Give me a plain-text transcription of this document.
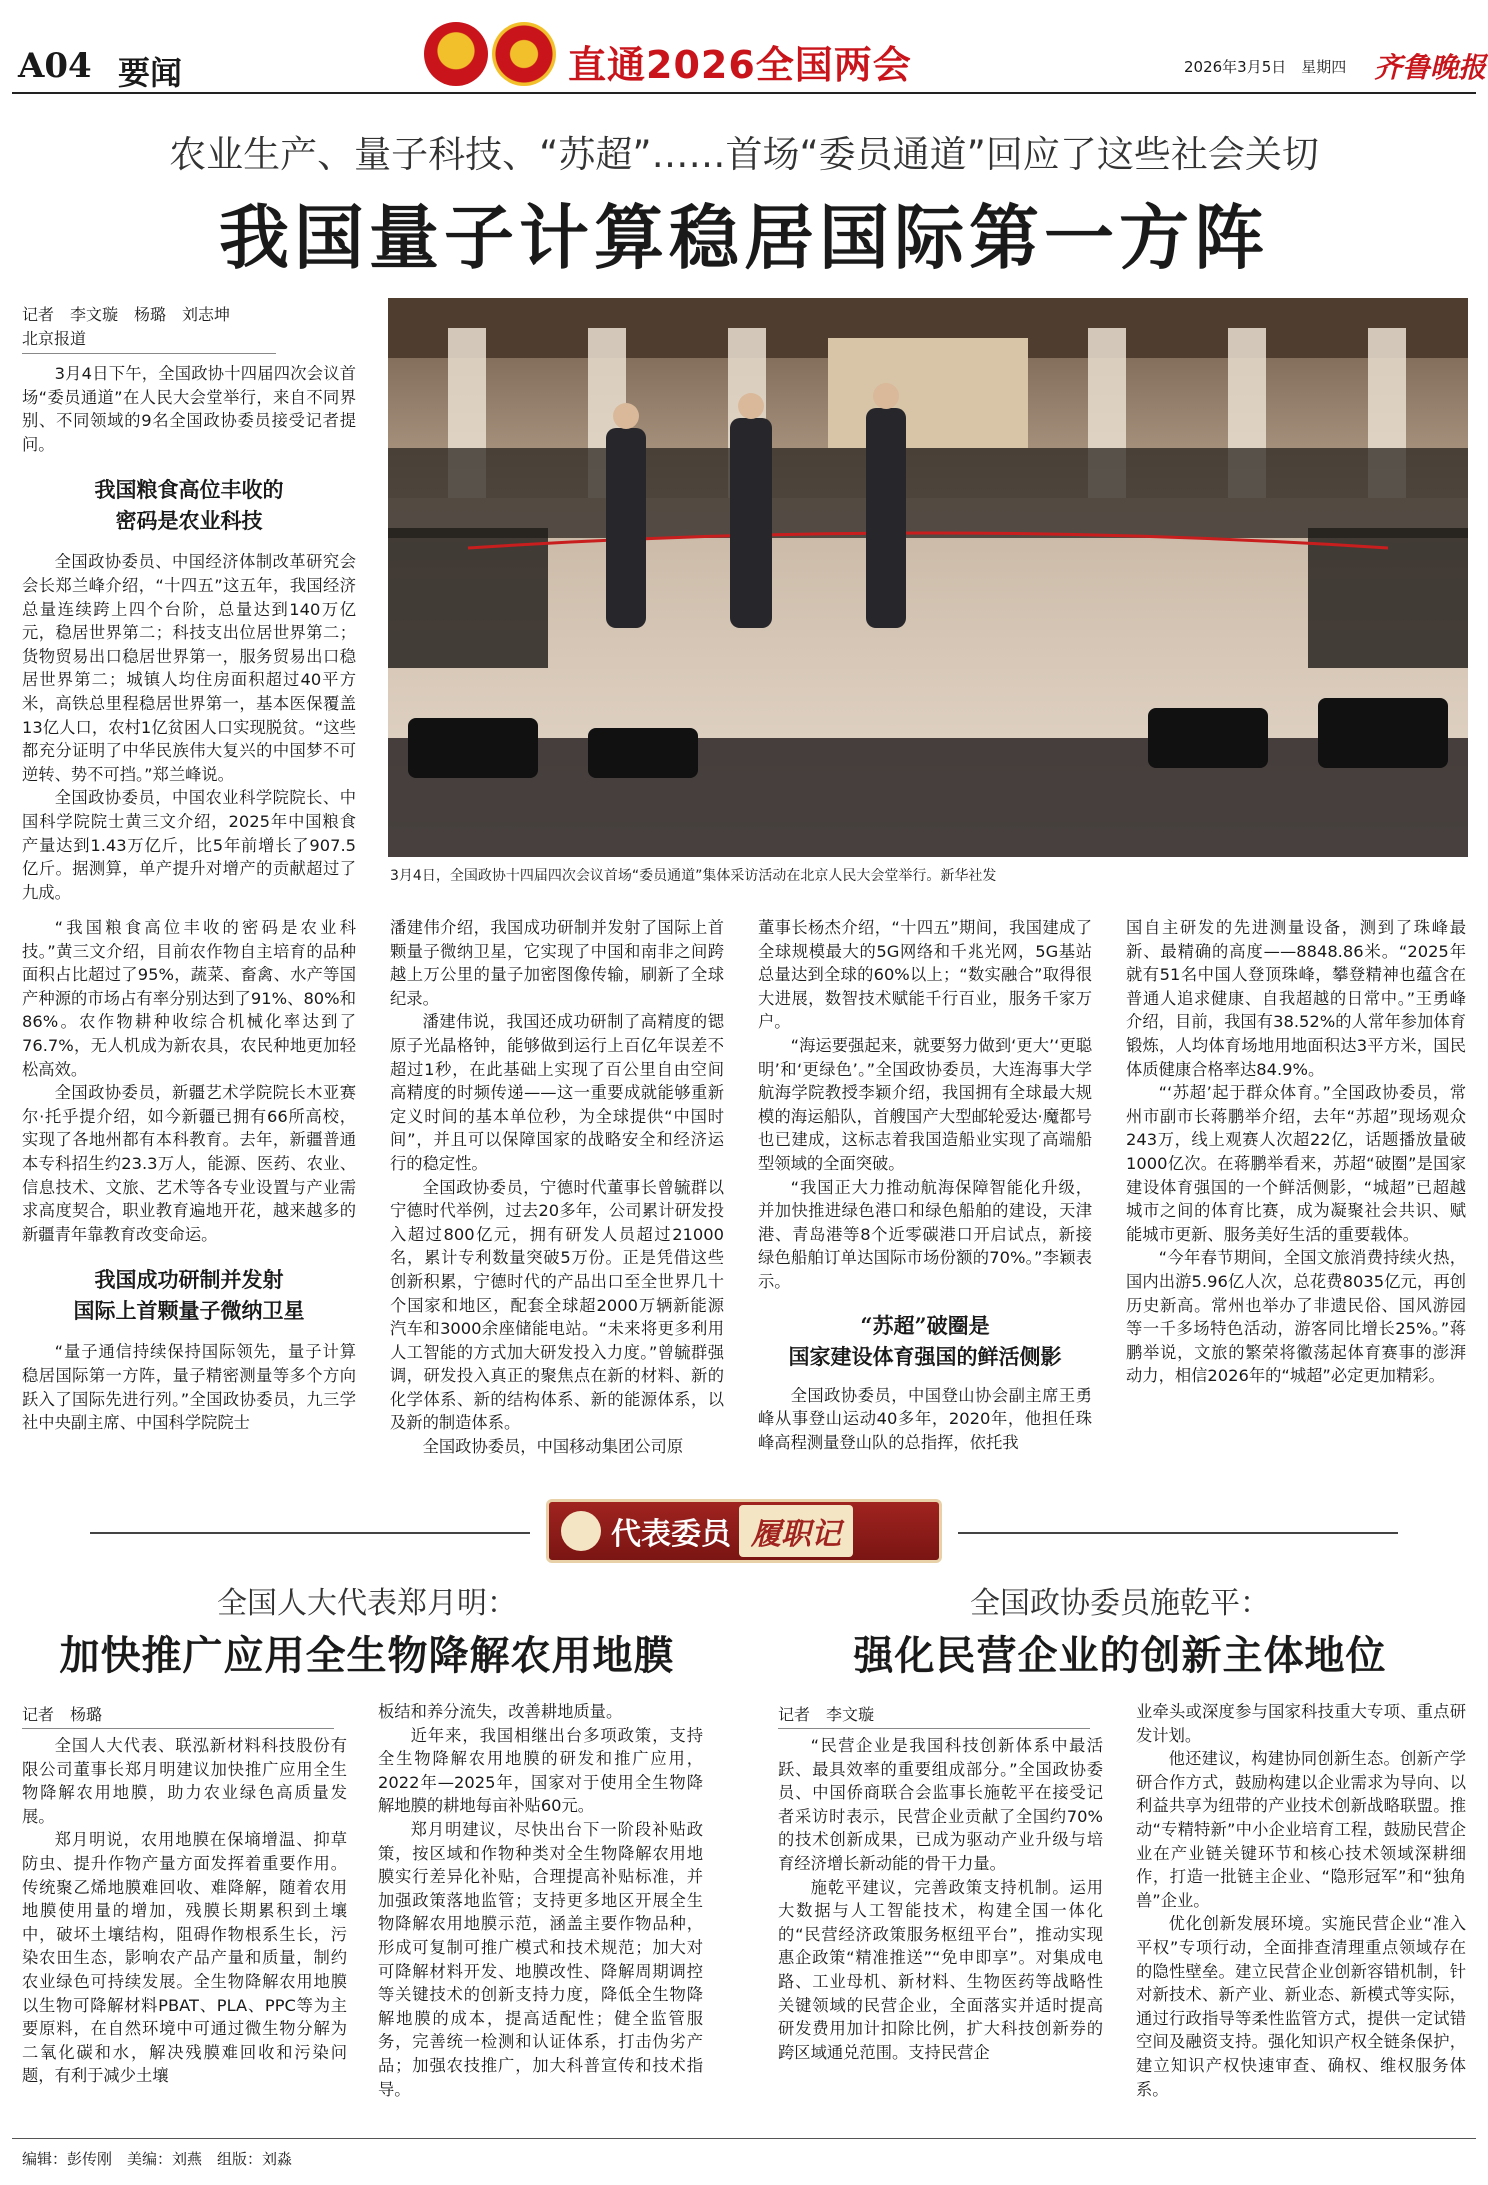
A04 要闻	直通2026全国两会	2026年3月5日　星期四 齐鲁晚报
农业生产、量子科技、“苏超”……首场“委员通道”回应了这些社会关切
我国量子计算稳居国际第一方阵
记者　李文璇　杨璐　刘志坤
北京报道
3月4日，全国政协十四届四次会议首场“委员通道”集体采访活动在北京人民大会堂举行。新华社发

3月4日下午，全国政协十四届四次会议首场“委员通道”在人民大会堂举行，来自不同界别、不同领域的9名全国政协委员接受记者提问。

我国粮食高位丰收的
密码是农业科技

全国政协委员、中国经济体制改革研究会会长郑兰峰介绍，“十四五”这五年，我国经济总量连续跨上四个台阶，总量达到140万亿元，稳居世界第二；科技支出位居世界第二；货物贸易出口稳居世界第一，服务贸易出口稳居世界第二；城镇人均住房面积超过40平方米，高铁总里程稳居世界第一，基本医保覆盖13亿人口，农村1亿贫困人口实现脱贫。“这些都充分证明了中华民族伟大复兴的中国梦不可逆转、势不可挡。”郑兰峰说。

全国政协委员，中国农业科学院院长、中国科学院院士黄三文介绍，2025年中国粮食产量达到1.43万亿斤，比5年前增长了907.5亿斤。据测算，单产提升对增产的贡献超过了九成。

“我国粮食高位丰收的密码是农业科技。”黄三文介绍，目前农作物自主培育的品种面积占比超过了95%，蔬菜、畜禽、水产等国产种源的市场占有率分别达到了91%、80%和86%。农作物耕种收综合机械化率达到了76.7%，无人机成为新农具，农民种地更加轻松高效。

全国政协委员，新疆艺术学院院长木亚赛尔·托乎提介绍，如今新疆已拥有66所高校，实现了各地州都有本科教育。去年，新疆普通本专科招生约23.3万人，能源、医药、农业、信息技术、文旅、艺术等各专业设置与产业需求高度契合，职业教育遍地开花，越来越多的新疆青年靠教育改变命运。

我国成功研制并发射
国际上首颗量子微纳卫星

“量子通信持续保持国际领先，量子计算稳居国际第一方阵，量子精密测量等多个方向跃入了国际先进行列。”全国政协委员，九三学社中央副主席、中国科学院院士

潘建伟介绍，我国成功研制并发射了国际上首颗量子微纳卫星，它实现了中国和南非之间跨越上万公里的量子加密图像传输，刷新了全球纪录。

潘建伟说，我国还成功研制了高精度的锶原子光晶格钟，能够做到运行上百亿年误差不超过1秒，在此基础上实现了百公里自由空间高精度的时频传递——这一重要成就能够重新定义时间的基本单位秒，为全球提供“中国时间”，并且可以保障国家的战略安全和经济运行的稳定性。

全国政协委员，宁德时代董事长曾毓群以宁德时代举例，过去20多年，公司累计研发投入超过800亿元，拥有研发人员超过21000名，累计专利数量突破5万份。正是凭借这些创新积累，宁德时代的产品出口至全世界几十个国家和地区，配套全球超2000万辆新能源汽车和3000余座储能电站。“未来将更多利用人工智能的方式加大研发投入力度。”曾毓群强调，研发投入真正的聚焦点在新的材料、新的化学体系、新的结构体系、新的能源体系，以及新的制造体系。

全国政协委员，中国移动集团公司原

董事长杨杰介绍，“十四五”期间，我国建成了全球规模最大的5G网络和千兆光网，5G基站总量达到全球的60%以上；“数实融合”取得很大进展，数智技术赋能千行百业，服务千家万户。

“海运要强起来，就要努力做到‘更大’‘更聪明’和‘更绿色’。”全国政协委员，大连海事大学航海学院教授李颖介绍，我国拥有全球最大规模的海运船队，首艘国产大型邮轮爱达·魔都号也已建成，这标志着我国造船业实现了高端船型领域的全面突破。

“我国正大力推动航海保障智能化升级，并加快推进绿色港口和绿色船舶的建设，天津港、青岛港等8个近零碳港口开启试点，新接绿色船舶订单达国际市场份额的70%。”李颖表示。

“苏超”破圈是
国家建设体育强国的鲜活侧影

全国政协委员，中国登山协会副主席王勇峰从事登山运动40多年，2020年，他担任珠峰高程测量登山队的总指挥，依托我

国自主研发的先进测量设备，测到了珠峰最新、最精确的高度——8848.86米。“2025年就有51名中国人登顶珠峰，攀登精神也蕴含在普通人追求健康、自我超越的日常中。”王勇峰介绍，目前，我国有38.52%的人常年参加体育锻炼，人均体育场地用地面积达3平方米，国民体质健康合格率达84.9%。

“‘苏超’起于群众体育。”全国政协委员，常州市副市长蒋鹏举介绍，去年“苏超”现场观众243万，线上观赛人次超22亿，话题播放量破1000亿次。在蒋鹏举看来，苏超“破圈”是国家建设体育强国的一个鲜活侧影，“城超”已超越城市之间的体育比赛，成为凝聚社会共识、赋能城市更新、服务美好生活的重要载体。

“今年春节期间，全国文旅消费持续火热，国内出游5.96亿人次，总花费8035亿元，再创历史新高。常州也举办了非遗民俗、国风游园等一千多场特色活动，游客同比增长25%。”蒋鹏举说，文旅的繁荣将徽荡起体育赛事的澎湃动力，相信2026年的“城超”必定更加精彩。

代表委员 履职记
全国人大代表郑月明：
加快推广应用全生物降解农用地膜
记者　杨璐

全国人大代表、联泓新材料科技股份有限公司董事长郑月明建议加快推广应用全生物降解农用地膜，助力农业绿色高质量发展。

郑月明说，农用地膜在保墒增温、抑草防虫、提升作物产量方面发挥着重要作用。传统聚乙烯地膜难回收、难降解，随着农用地膜使用量的增加，残膜长期累积到土壤中，破坏土壤结构，阻碍作物根系生长，污染农田生态，影响农产品产量和质量，制约农业绿色可持续发展。全生物降解农用地膜以生物可降解材料PBAT、PLA、PPC等为主要原料，在自然环境中可通过微生物分解为二氧化碳和水，解决残膜难回收和污染问题，有利于减少土壤

板结和养分流失，改善耕地质量。

近年来，我国相继出台多项政策，支持全生物降解农用地膜的研发和推广应用，2022年—2025年，国家对于使用全生物降解地膜的耕地每亩补贴60元。

郑月明建议，尽快出台下一阶段补贴政策，按区域和作物种类对全生物降解农用地膜实行差异化补贴，合理提高补贴标准，并加强政策落地监管；支持更多地区开展全生物降解农用地膜示范，涵盖主要作物品种，形成可复制可推广模式和技术规范；加大对可降解材料开发、地膜改性、降解周期调控等关键技术的创新支持力度，降低全生物降解地膜的成本，提高适配性；健全监管服务，完善统一检测和认证体系，打击伪劣产品；加强农技推广，加大科普宣传和技术指导。

全国政协委员施乾平：
强化民营企业的创新主体地位
记者　李文璇

“民营企业是我国科技创新体系中最活跃、最具效率的重要组成部分。”全国政协委员、中国侨商联合会监事长施乾平在接受记者采访时表示，民营企业贡献了全国约70%的技术创新成果，已成为驱动产业升级与培育经济增长新动能的骨干力量。

施乾平建议，完善政策支持机制。运用大数据与人工智能技术，构建全国一体化的“民营经济政策服务枢纽平台”，推动实现惠企政策“精准推送”“免申即享”。对集成电路、工业母机、新材料、生物医药等战略性关键领域的民营企业，全面落实并适时提高研发费用加计扣除比例，扩大科技创新券的跨区域通兑范围。支持民营企

业牵头或深度参与国家科技重大专项、重点研发计划。

他还建议，构建协同创新生态。创新产学研合作方式，鼓励构建以企业需求为导向、以利益共享为纽带的产业技术创新战略联盟。推动“专精特新”中小企业培育工程，鼓励民营企业在产业链关键环节和核心技术领域深耕细作，打造一批链主企业、“隐形冠军”和“独角兽”企业。

优化创新发展环境。实施民营企业“准入平权”专项行动，全面排查清理重点领域存在的隐性壁垒。建立民营企业创新容错机制，针对新技术、新产业、新业态、新模式等实际，通过行政指导等柔性监管方式，提供一定试错空间及融资支持。强化知识产权全链条保护，建立知识产权快速审查、确权、维权服务体系。

编辑：彭传刚　美编：刘燕　组版：刘淼
